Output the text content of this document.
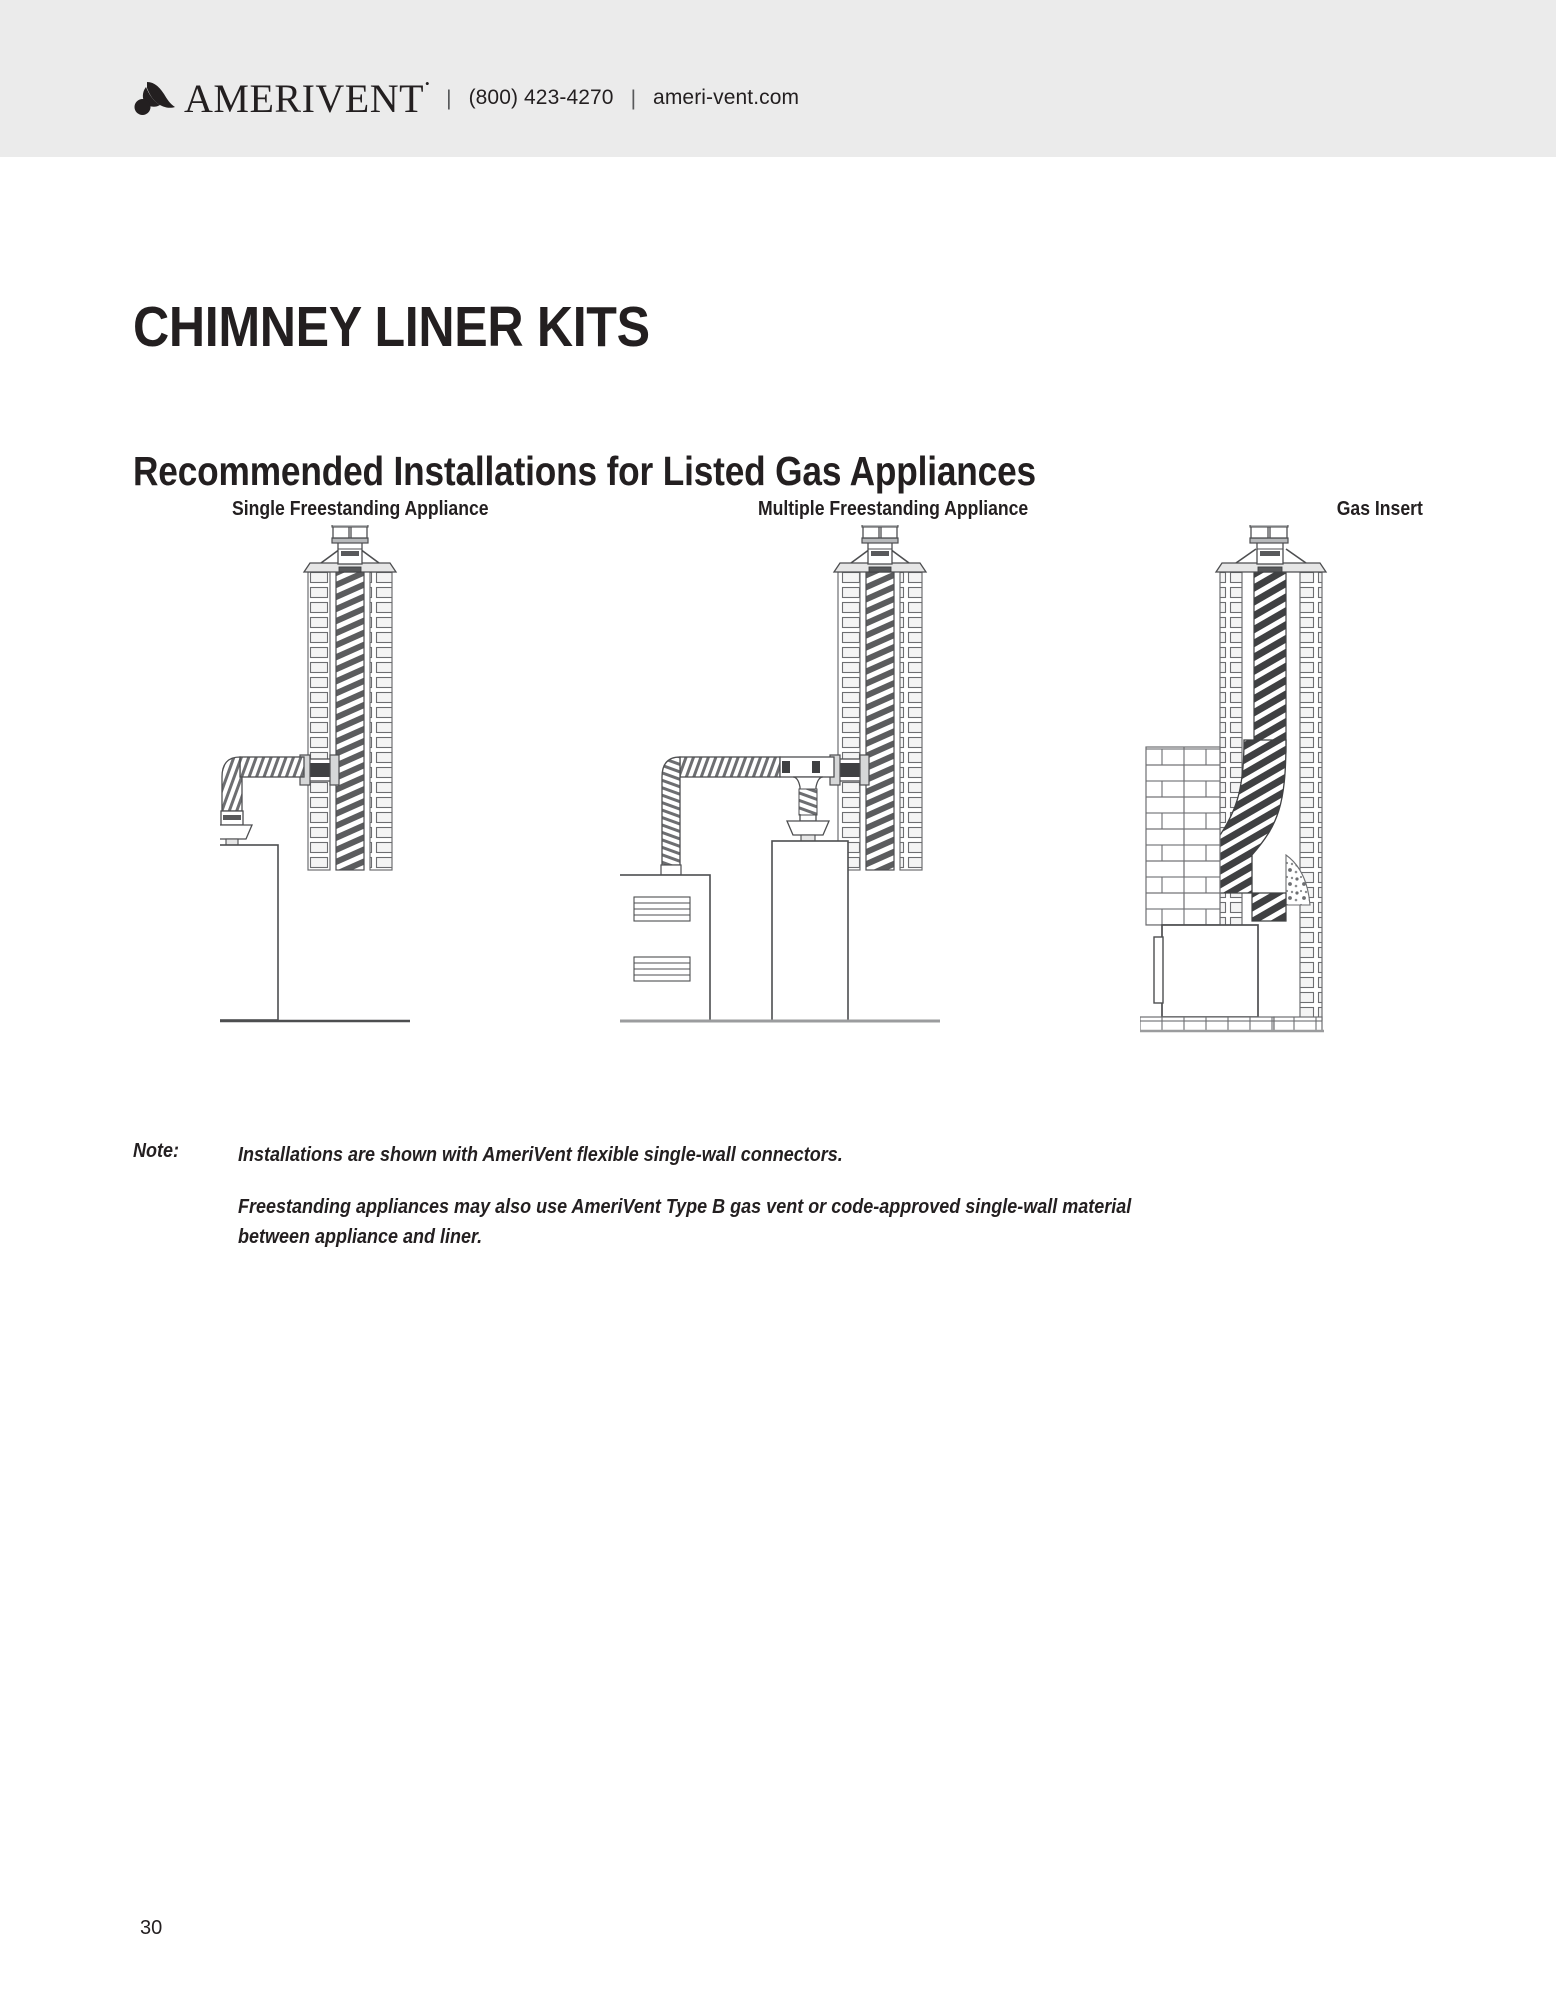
AMERIVENT•
| (800) 423-4270 | ameri-vent.com
CHIMNEY LINER KITS
Recommended Installations for Listed Gas Appliances
Single Freestanding Appliance	Multiple Freestanding Appliance	Gas Insert
Note:	Installations are shown with AmeriVent flexible single-wall connectors.
Freestanding appliances may also use AmeriVent Type B gas vent or code-approved single-wall material between appliance and liner.
30
